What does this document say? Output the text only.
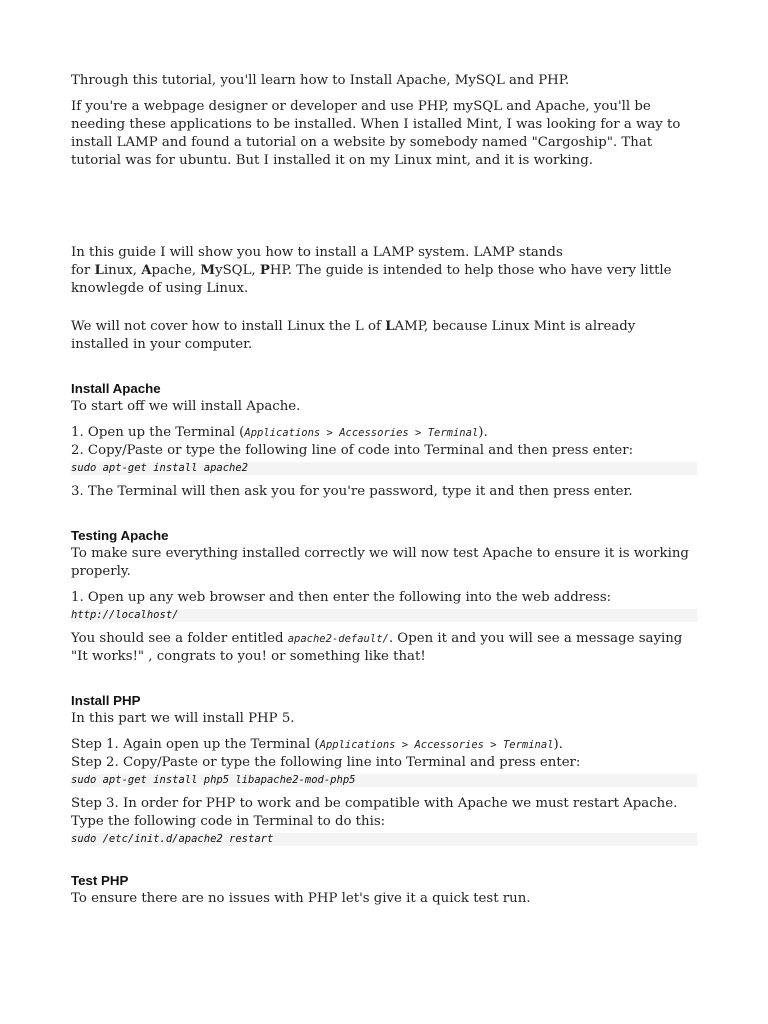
Through this tutorial, you'll learn how to Install Apache, MySQL and PHP.

If you're a webpage designer or developer and use PHP, mySQL and Apache, you'll be needing these applications to be installed. When I istalled Mint, I was looking for a way to install LAMP and found a tutorial on a website by somebody named "Cargoship". That tutorial was for ubuntu. But I installed it on my Linux mint, and it is working.

In this guide I will show you how to install a LAMP system. LAMP stands
for Linux, Apache, MySQL, PHP. The guide is intended to help those who have very little knowlegde of using Linux.

We will not cover how to install Linux the L of LAMP, because Linux Mint is already installed in your computer.

Install Apache

To start off we will install Apache.

1. Open up the Terminal (Applications > Accessories > Terminal).
2. Copy/Paste or type the following line of code into Terminal and then press enter:
sudo apt-get install apache2

3. The Terminal will then ask you for you're password, type it and then press enter.

Testing Apache

To make sure everything installed correctly we will now test Apache to ensure it is working properly.

1. Open up any web browser and then enter the following into the web address:
http://localhost/

You should see a folder entitled apache2-default/. Open it and you will see a message saying "It works!" , congrats to you! or something like that!

Install PHP

In this part we will install PHP 5.

Step 1. Again open up the Terminal (Applications > Accessories > Terminal).
Step 2. Copy/Paste or type the following line into Terminal and press enter:
sudo apt-get install php5 libapache2-mod-php5
Step 3. In order for PHP to work and be compatible with Apache we must restart Apache. Type the following code in Terminal to do this:
sudo /etc/init.d/apache2 restart
Test PHP

To ensure there are no issues with PHP let's give it a quick test run.
